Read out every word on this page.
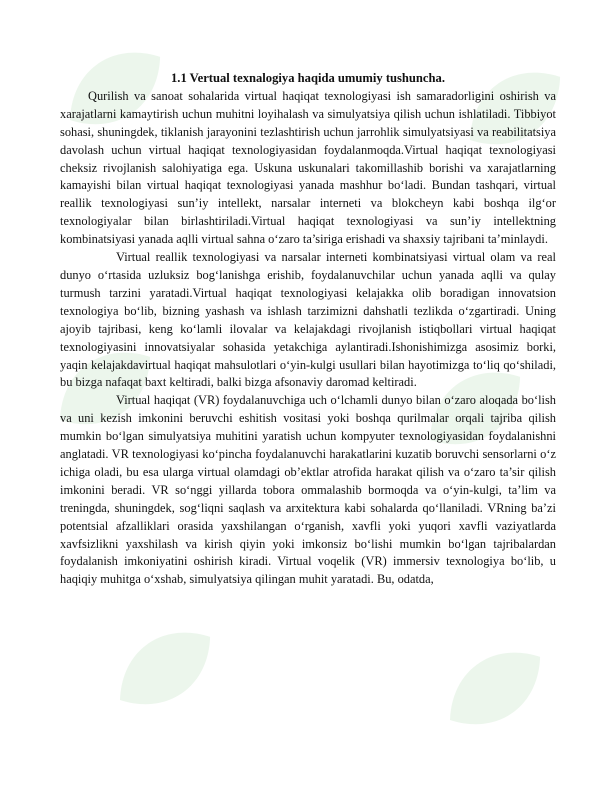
1.1 Vertual texnalogiya haqida umumiy tushuncha.

Qurilish va sanoat sohalarida virtual haqiqat texnologiyasi ish samaradorligini oshirish va xarajatlarni kamaytirish uchun muhitni loyihalash va simulyatsiya qilish uchun ishlatiladi. Tibbiyot sohasi, shuningdek, tiklanish jarayonini tezlashtirish uchun jarrohlik simulyatsiyasi va reabilitatsiya davolash uchun virtual haqiqat texnologiyasidan foydalanmoqda.Virtual haqiqat texnologiyasi cheksiz rivojlanish salohiyatiga ega. Uskuna uskunalari takomillashib borishi va xarajatlarning kamayishi bilan virtual haqiqat texnologiyasi yanada mashhur bo‘ladi. Bundan tashqari, virtual reallik texnologiyasi sun’iy intellekt, narsalar interneti va blokcheyn kabi boshqa ilg‘or texnologiyalar bilan birlashtiriladi.Virtual haqiqat texnologiyasi va sun’iy intellektning kombinatsiyasi yanada aqlli virtual sahna o‘zaro ta’siriga erishadi va shaxsiy tajribani ta’minlaydi.

Virtual reallik texnologiyasi va narsalar interneti kombinatsiyasi virtual olam va real dunyo o‘rtasida uzluksiz bog‘lanishga erishib, foydalanuvchilar uchun yanada aqlli va qulay turmush tarzini yaratadi.Virtual haqiqat texnologiyasi kelajakka olib boradigan innovatsion texnologiya bo‘lib, bizning yashash va ishlash tarzimizni dahshatli tezlikda o‘zgartiradi. Uning ajoyib tajribasi, keng ko‘lamli ilovalar va kelajakdagi rivojlanish istiqbollari virtual haqiqat texnologiyasini innovatsiyalar sohasida yetakchiga aylantiradi.Ishonishimizga asosimiz borki, yaqin kelajakdavirtual haqiqat mahsulotlari o‘yin-kulgi usullari bilan hayotimizga to‘liq qo‘shiladi, bu bizga nafaqat baxt keltiradi, balki bizga afsonaviy daromad keltiradi.

Virtual haqiqat (VR) foydalanuvchiga uch o‘lchamli dunyo bilan o‘zaro aloqada bo‘lish va uni kezish imkonini beruvchi eshitish vositasi yoki boshqa qurilmalar orqali tajriba qilish mumkin bo‘lgan simulyatsiya muhitini yaratish uchun kompyuter texnologiyasidan foydalanishni anglatadi. VR texnologiyasi ko‘pincha foydalanuvchi harakatlarini kuzatib boruvchi sensorlarni o‘z ichiga oladi, bu esa ularga virtual olamdagi ob’ektlar atrofida harakat qilish va o‘zaro ta’sir qilish imkonini beradi. VR so‘nggi yillarda tobora ommalashib bormoqda va o‘yin-kulgi, ta’lim va treningda, shuningdek, sog‘liqni saqlash va arxitektura kabi sohalarda qo‘llaniladi. VRning ba’zi potentsial afzalliklari orasida yaxshilangan o‘rganish, xavfli yoki yuqori xavfli vaziyatlarda xavfsizlikni yaxshilash va kirish qiyin yoki imkonsiz bo‘lishi mumkin bo‘lgan tajribalardan foydalanish imkoniyatini oshirish kiradi. Virtual voqelik (VR) immersiv texnologiya bo‘lib, u haqiqiy muhitga o‘xshab, simulyatsiya qilingan muhit yaratadi. Bu, odatda,
